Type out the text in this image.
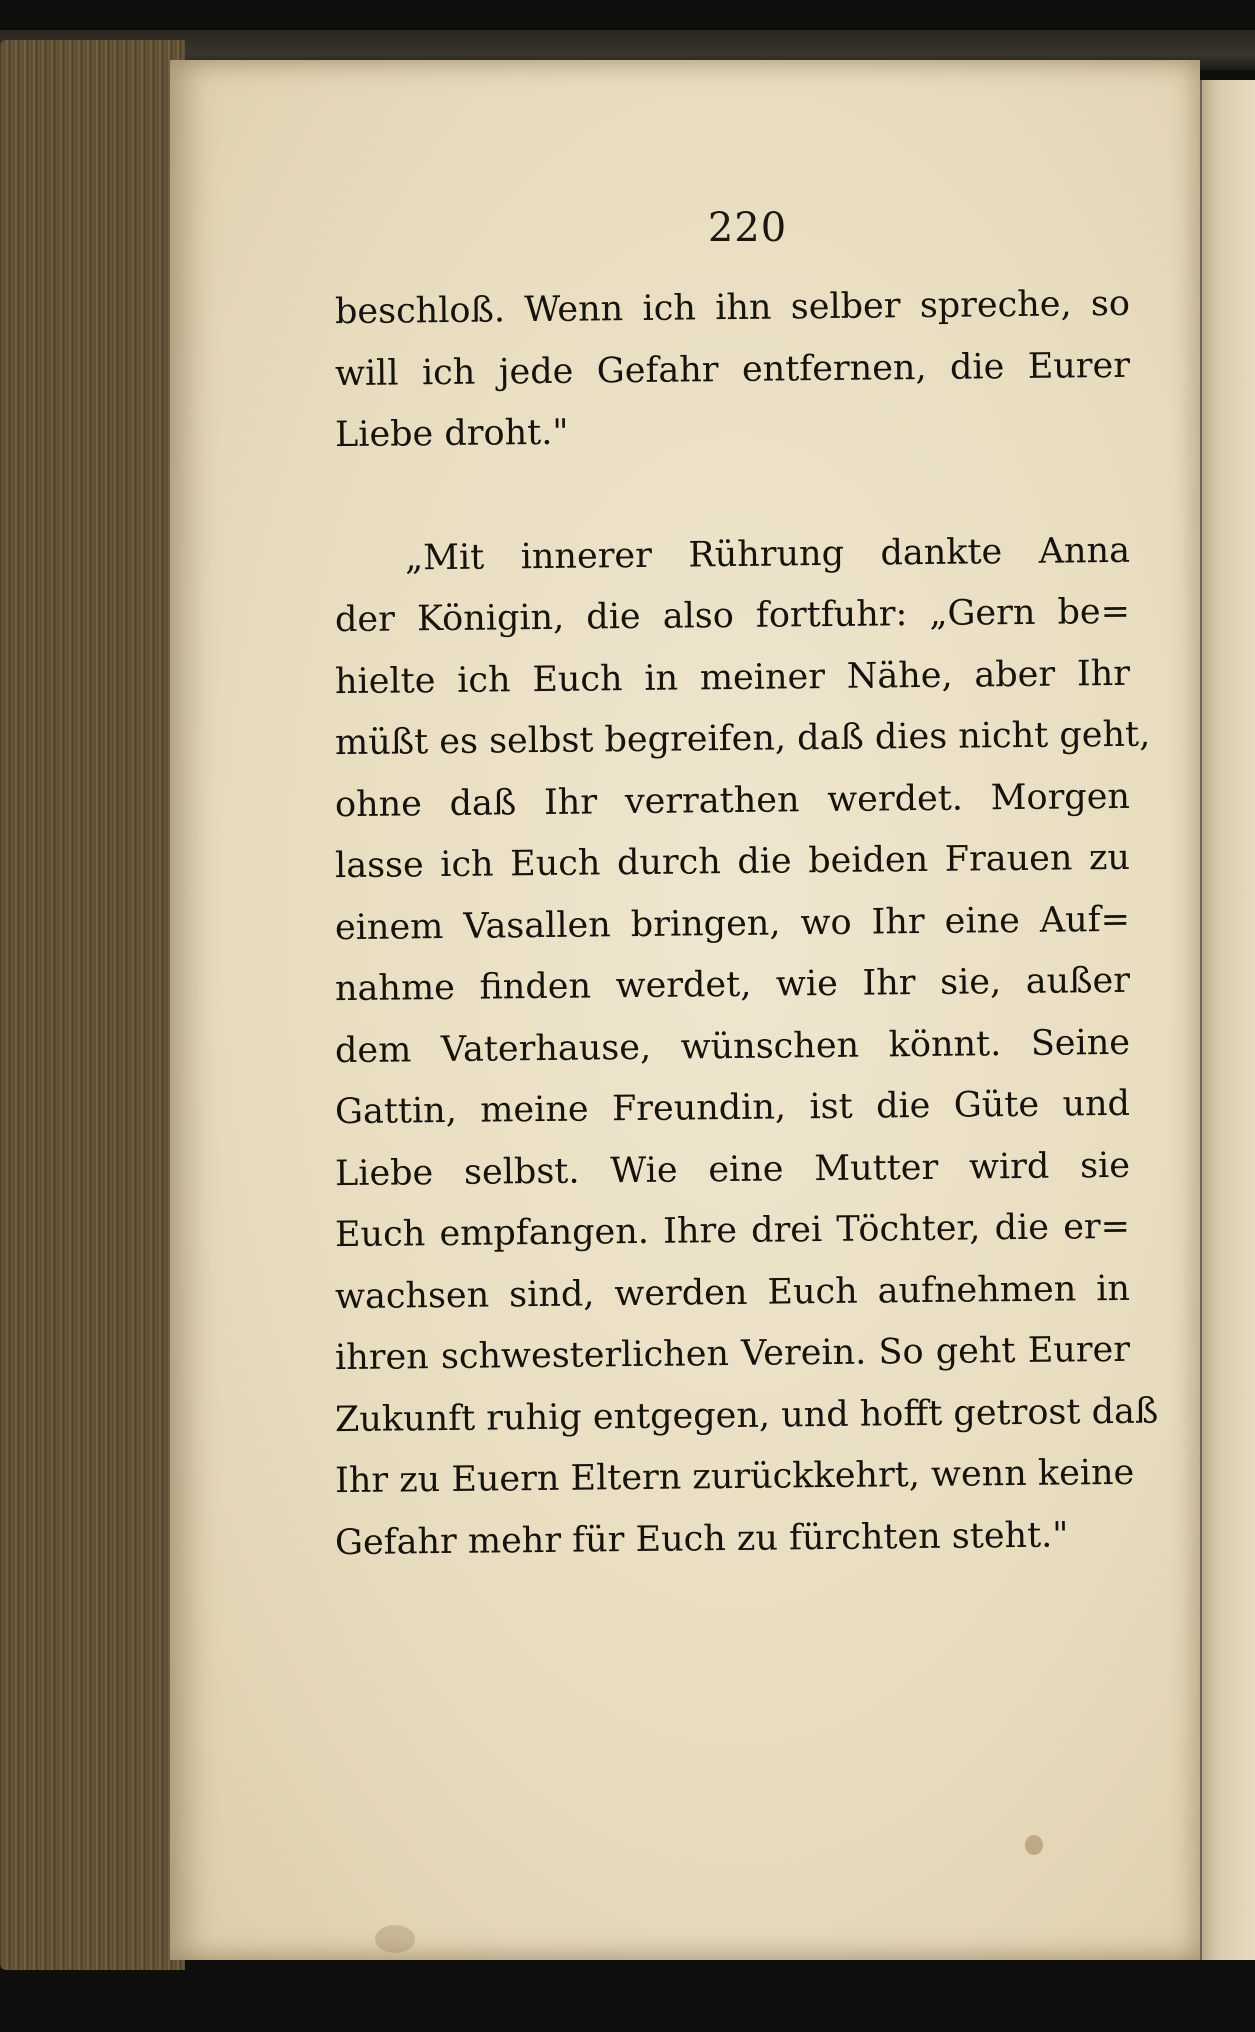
220
beschloß. Wenn ich ihn selber spreche, so
will ich jede Gefahr entfernen, die Eurer
Liebe droht."
„Mit innerer Rührung dankte Anna
der Königin, die also fortfuhr: „Gern be=
hielte ich Euch in meiner Nähe, aber Ihr
müßt es selbst begreifen, daß dies nicht geht,
ohne daß Ihr verrathen werdet. Morgen
lasse ich Euch durch die beiden Frauen zu
einem Vasallen bringen, wo Ihr eine Auf=
nahme finden werdet, wie Ihr sie, außer
dem Vaterhause, wünschen könnt. Seine
Gattin, meine Freundin, ist die Güte und
Liebe selbst. Wie eine Mutter wird sie
Euch empfangen. Ihre drei Töchter, die er=
wachsen sind, werden Euch aufnehmen in
ihren schwesterlichen Verein. So geht Eurer
Zukunft ruhig entgegen, und hofft getrost daß
Ihr zu Euern Eltern zurückkehrt, wenn keine
Gefahr mehr für Euch zu fürchten steht."
